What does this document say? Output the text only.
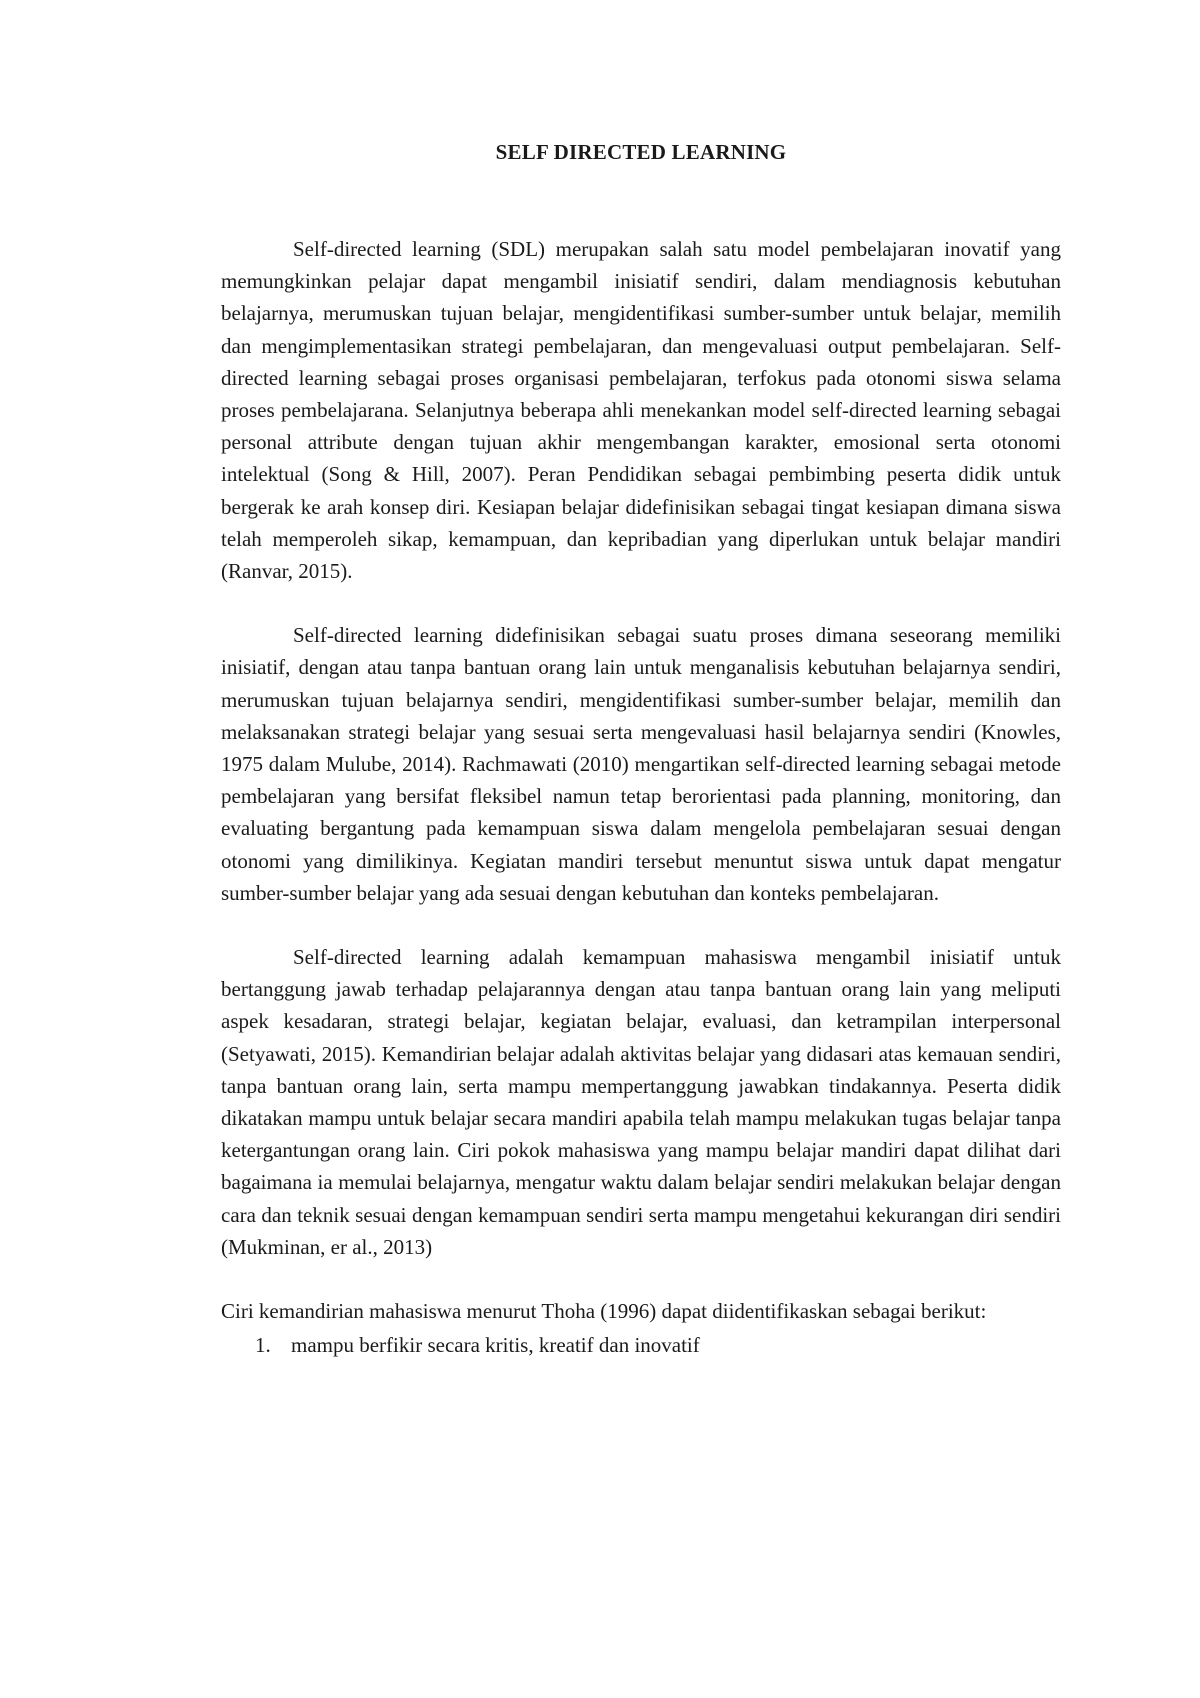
SELF DIRECTED LEARNING

Self-directed learning (SDL) merupakan salah satu model pembelajaran inovatif yang memungkinkan pelajar dapat mengambil inisiatif sendiri, dalam mendiagnosis kebutuhan belajarnya, merumuskan tujuan belajar, mengidentifikasi sumber-sumber untuk belajar, memilih dan mengimplementasikan strategi pembelajaran, dan mengevaluasi output pembelajaran. Self-directed learning sebagai proses organisasi pembelajaran, terfokus pada otonomi siswa selama proses pembelajarana. Selanjutnya beberapa ahli menekankan model self-directed learning sebagai personal attribute dengan tujuan akhir mengembangan karakter, emosional serta otonomi intelektual (Song & Hill, 2007). Peran Pendidikan sebagai pembimbing peserta didik untuk bergerak ke arah konsep diri. Kesiapan belajar didefinisikan sebagai tingat kesiapan dimana siswa telah memperoleh sikap, kemampuan, dan kepribadian yang diperlukan untuk belajar mandiri (Ranvar, 2015).

Self-directed learning didefinisikan sebagai suatu proses dimana seseorang memiliki inisiatif, dengan atau tanpa bantuan orang lain untuk menganalisis kebutuhan belajarnya sendiri, merumuskan tujuan belajarnya sendiri, mengidentifikasi sumber-sumber belajar, memilih dan melaksanakan strategi belajar yang sesuai serta mengevaluasi hasil belajarnya sendiri (Knowles, 1975 dalam Mulube, 2014). Rachmawati (2010) mengartikan self-directed learning sebagai metode pembelajaran yang bersifat fleksibel namun tetap berorientasi pada planning, monitoring, dan evaluating bergantung pada kemampuan siswa dalam mengelola pembelajaran sesuai dengan otonomi yang dimilikinya. Kegiatan mandiri tersebut menuntut siswa untuk dapat mengatur sumber-sumber belajar yang ada sesuai dengan kebutuhan dan konteks pembelajaran.

Self-directed learning adalah kemampuan mahasiswa mengambil inisiatif untuk bertanggung jawab terhadap pelajarannya dengan atau tanpa bantuan orang lain yang meliputi aspek kesadaran, strategi belajar, kegiatan belajar, evaluasi, dan ketrampilan interpersonal (Setyawati, 2015). Kemandirian belajar adalah aktivitas belajar yang didasari atas kemauan sendiri, tanpa bantuan orang lain, serta mampu mempertanggung jawabkan tindakannya. Peserta didik dikatakan mampu untuk belajar secara mandiri apabila telah mampu melakukan tugas belajar tanpa ketergantungan orang lain. Ciri pokok mahasiswa yang mampu belajar mandiri dapat dilihat dari bagaimana ia memulai belajarnya, mengatur waktu dalam belajar sendiri melakukan belajar dengan cara dan teknik sesuai dengan kemampuan sendiri serta mampu mengetahui kekurangan diri sendiri (Mukminan, er al., 2013)

Ciri kemandirian mahasiswa menurut Thoha (1996) dapat diidentifikaskan sebagai berikut:

1. mampu berfikir secara kritis, kreatif dan inovatif
